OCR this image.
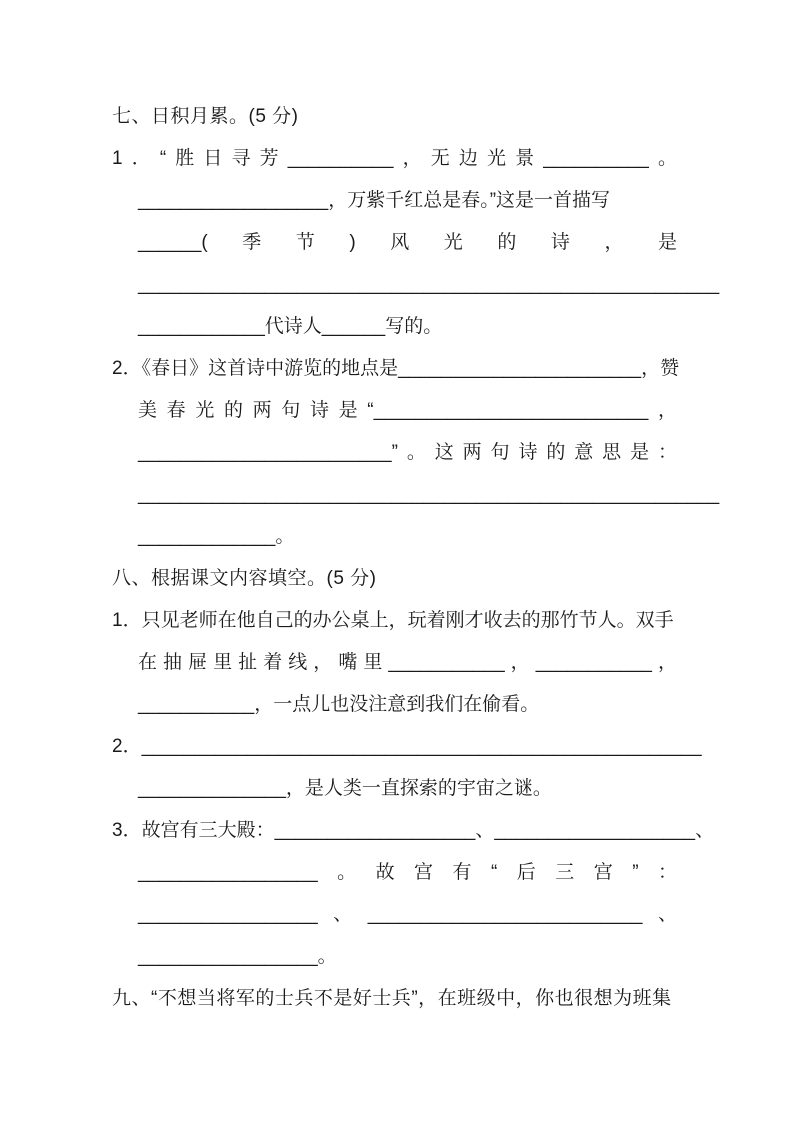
七、日积月累。(5 分)
1．“胜日寻芳__________，无边光景__________。
__________________，万紫千红总是春。”这是一首描写
______(季节)风光的诗，是
_______________________________________________________
____________代诗人______写的。
2．《春日》这首诗中游览的地点是_______________________，赞
美春光的两句诗是“__________________________，
________________________”。这两句诗的意思是：
_______________________________________________________
_____________。
八、根据课文内容填空。(5 分)
1．只见老师在他自己的办公桌上，玩着刚才收去的那竹节人。双手
在抽屉里扯着线，嘴里___________，___________，
___________，一点儿也没注意到我们在偷看。
2．_____________________________________________________
______________，是人类一直探索的宇宙之谜。
3．故宫有三大殿：___________________、___________________、
_________________。故宫有“后三宫”：
_________________、__________________________、
_________________。
九、“不想当将军的士兵不是好士兵”，在班级中，你也很想为班集
